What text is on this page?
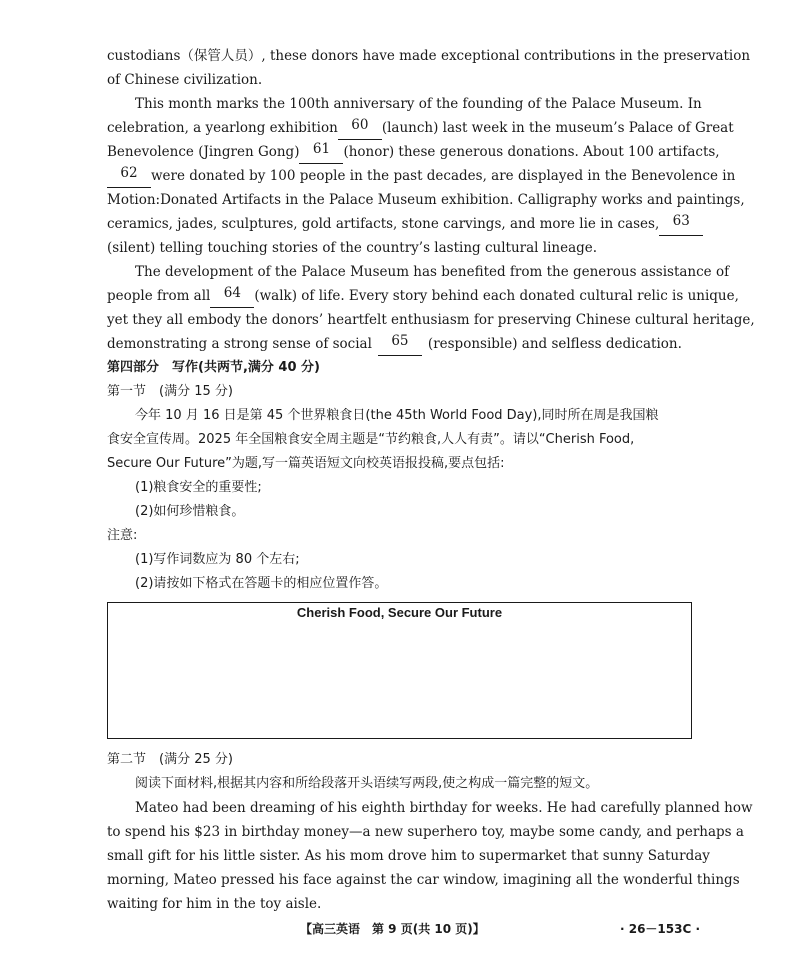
custodians（保管人员）, these donors have made exceptional contributions in the preservation
of Chinese civilization.
This month marks the 100th anniversary of the founding of the Palace Museum. In
celebration, a yearlong exhibition 60 (launch) last week in the museum’s Palace of Great
Benevolence (Jingren Gong) 61 (honor) these generous donations. About 100 artifacts,
62 were donated by 100 people in the past decades, are displayed in the Benevolence in
Motion:Donated Artifacts in the Palace Museum exhibition. Calligraphy works and paintings,
ceramics, jades, sculptures, gold artifacts, stone carvings, and more lie in cases, 63
(silent) telling touching stories of the country’s lasting cultural lineage.
The development of the Palace Museum has benefited from the generous assistance of
people from all 64 (walk) of life. Every story behind each donated cultural relic is unique,
yet they all embody the donors’ heartfelt enthusiasm for preserving Chinese cultural heritage,
demonstrating a strong sense of social	65	(responsible) and selfless dedication.
第四部分　写作(共两节,满分 40 分)
第一节　(满分 15 分)
今年 10 月 16 日是第 45 个世界粮食日(the 45th World Food Day),同时所在周是我国粮
食安全宣传周。2025 年全国粮食安全周主题是“节约粮食,人人有责”。请以“Cherish Food,
Secure Our Future”为题,写一篇英语短文向校英语报投稿,要点包括:
(1)粮食安全的重要性;
(2)如何珍惜粮食。
注意:
(1)写作词数应为 80 个左右;
(2)请按如下格式在答题卡的相应位置作答。
第二节　(满分 25 分)
阅读下面材料,根据其内容和所给段落开头语续写两段,使之构成一篇完整的短文。
Mateo had been dreaming of his eighth birthday for weeks. He had carefully planned how
to spend his $23 in birthday money—a new superhero toy, maybe some candy, and perhaps a
small gift for his little sister. As his mom drove him to supermarket that sunny Saturday
morning, Mateo pressed his face against the car window, imagining all the wonderful things
waiting for him in the toy aisle.
Cherish Food, Secure Our Future
【高三英语　第 9 页(共 10 页)】	· 26－153C ·
